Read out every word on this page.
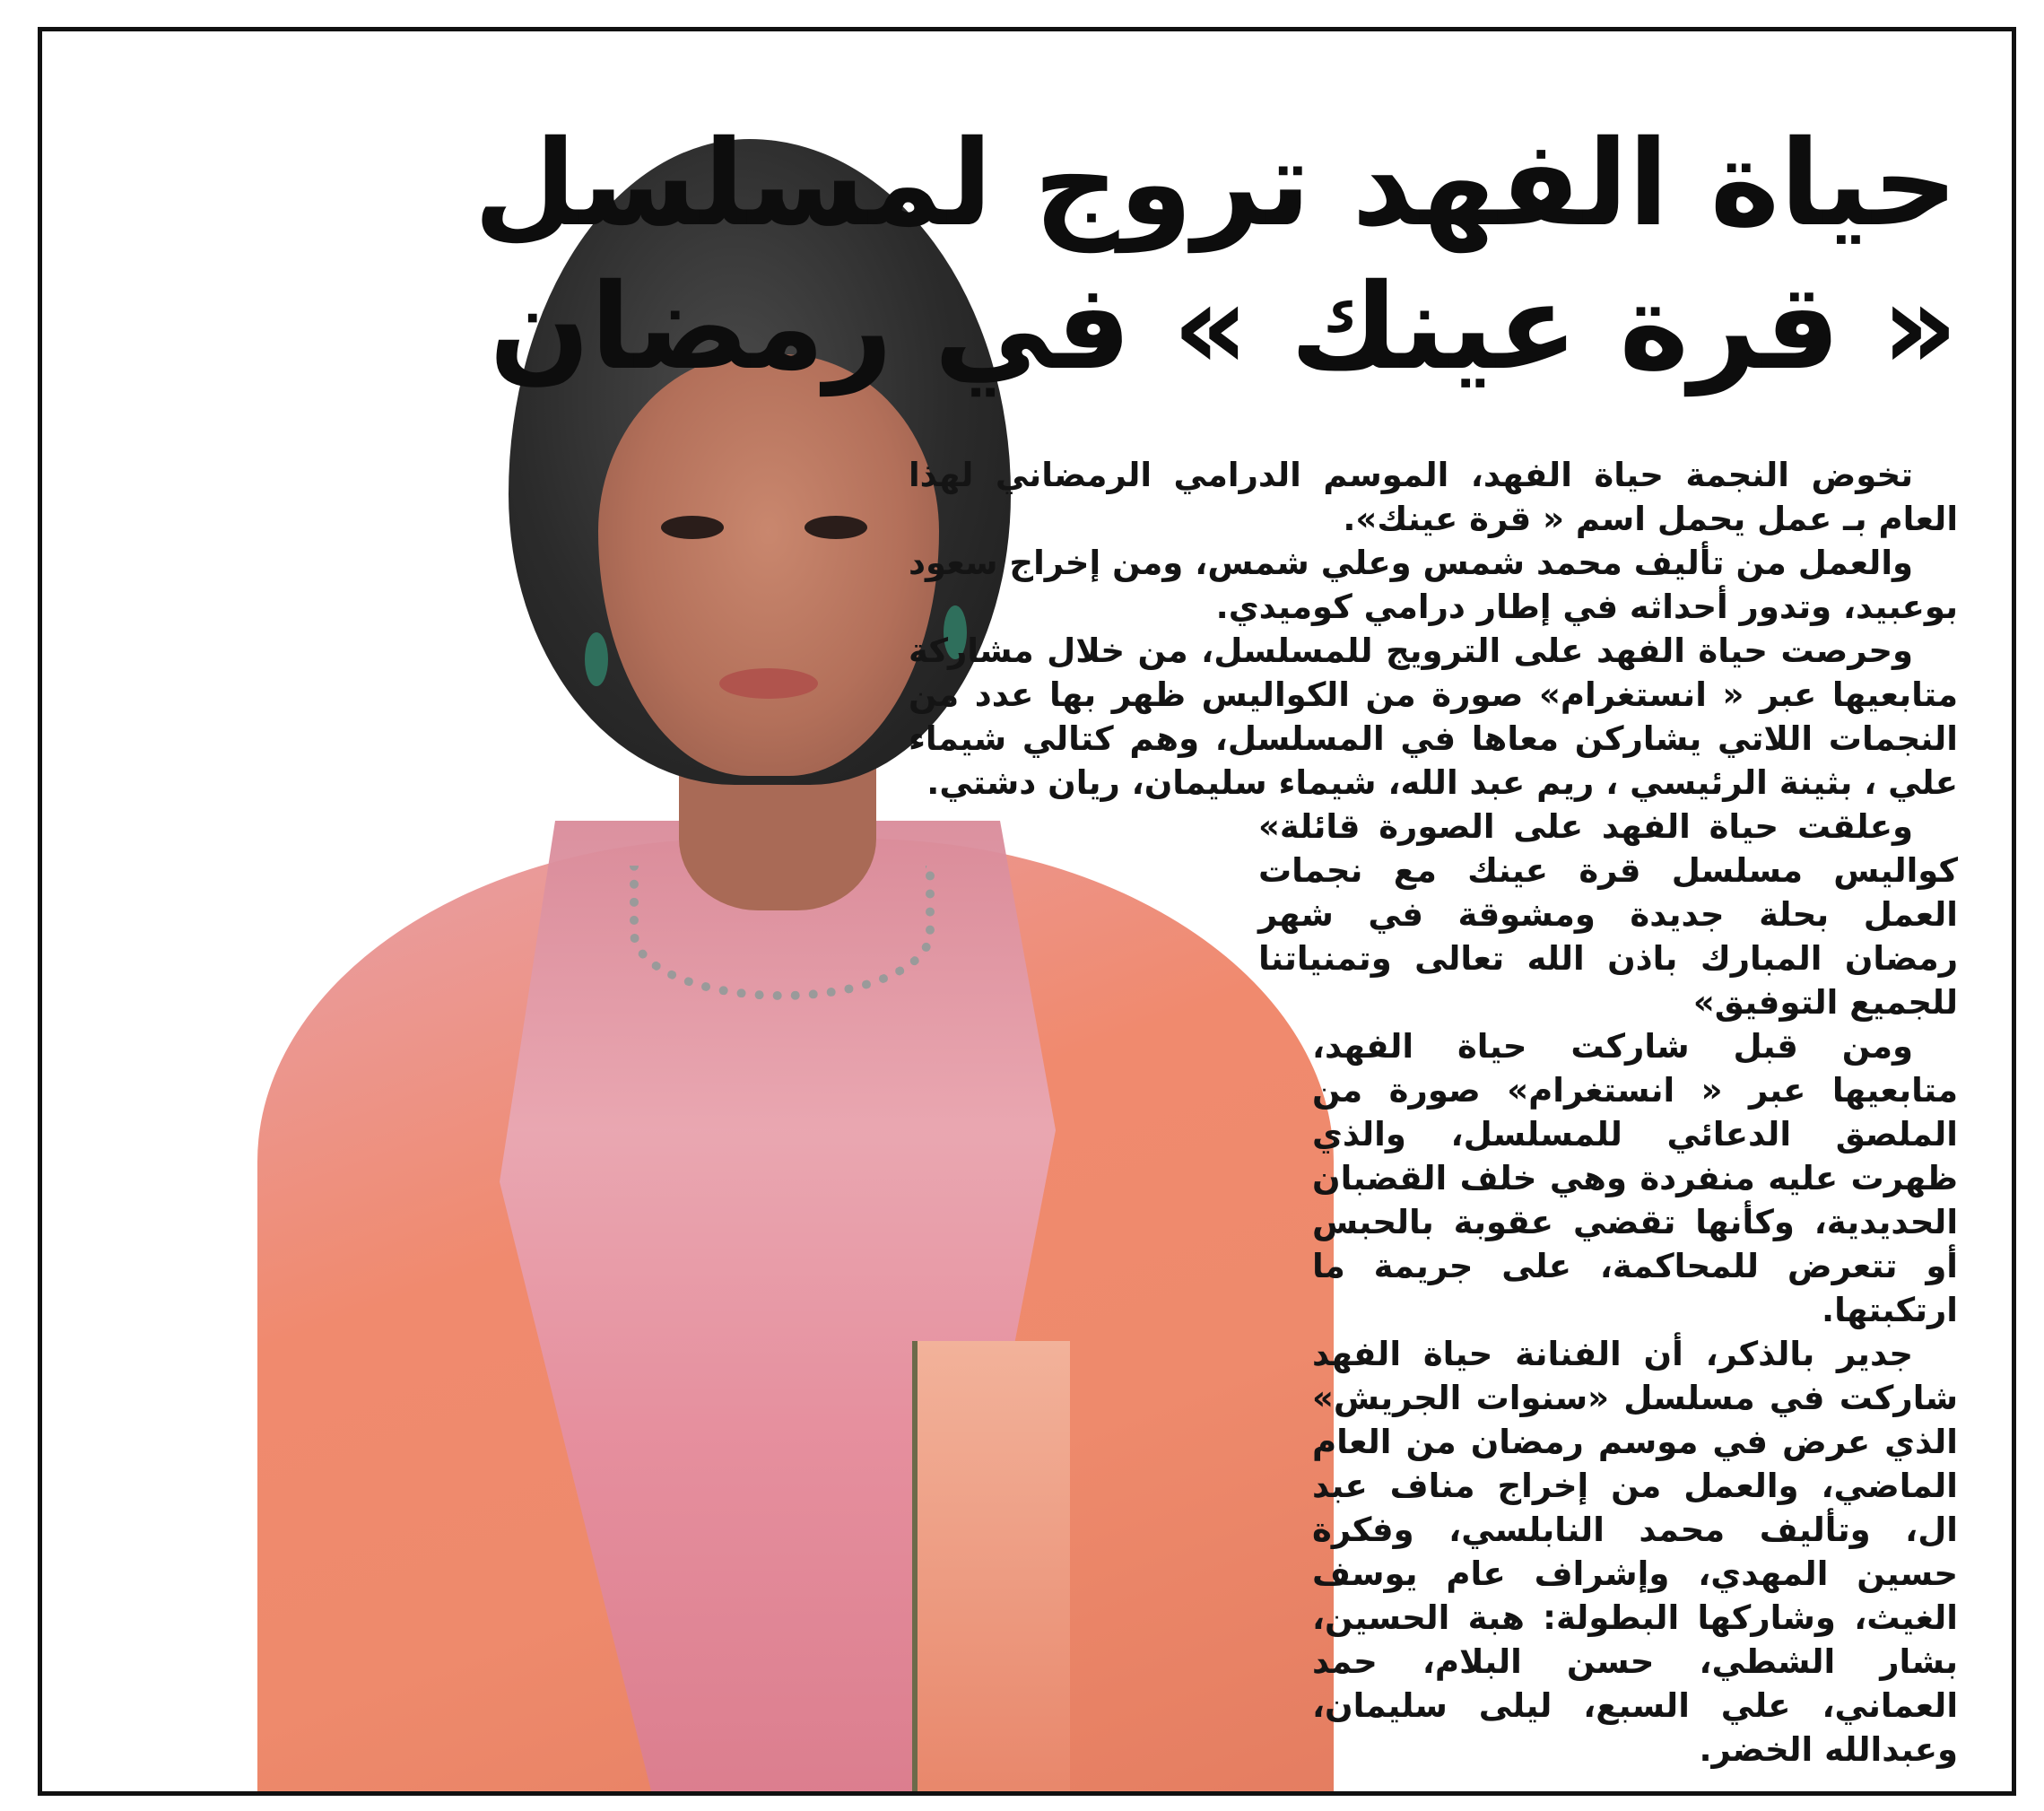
حياة الفهد تروج لمسلسل
« قرة عينك » في رمضان

تخوض النجمة حياة الفهد، الموسم الدرامي الرمضاني لهذا العام بـ عمل يحمل اسم « قرة عينك».

والعمل من تأليف محمد شمس وعلي شمس، ومن إخراج سعود بوعبيد، وتدور أحداثه في إطار درامي كوميدي.

وحرصت حياة الفهد على الترويج للمسلسل، من خلال مشاركة متابعيها عبر « انستغرام» صورة من الكواليس ظهر بها عدد من النجمات اللاتي يشاركن معاها في المسلسل، وهم كتالي شيماء علي ، بثينة الرئيسي ، ريم عبد الله، شيماء سليمان، ريان دشتي.

وعلقت حياة الفهد على الصورة قائلة» كواليس مسلسل قرة عينك مع نجمات العمل بحلة جديدة ومشوقة في شهر رمضان المبارك باذن الله تعالى وتمنياتنا للجميع التوفيق»

ومن قبل شاركت حياة الفهد، متابعيها عبر « انستغرام» صورة من الملصق الدعائي للمسلسل، والذي ظهرت عليه منفردة وهي خلف القضبان الحديدية، وكأنها تقضي عقوبة بالحبس أو تتعرض للمحاكمة، على جريمة ما ارتكبتها.

جدير بالذكر، أن الفنانة حياة الفهد شاركت في مسلسل «سنوات الجريش» الذي عرض في موسم رمضان من العام الماضي، والعمل من إخراج مناف عبد ال، وتأليف محمد النابلسي، وفكرة حسين المهدي، وإشراف عام يوسف الغيث، وشاركها البطولة: هبة الحسين، بشار الشطي، حسن البلام، حمد العماني، علي السبع، ليلى سليمان، وعبدالله الخضر.
